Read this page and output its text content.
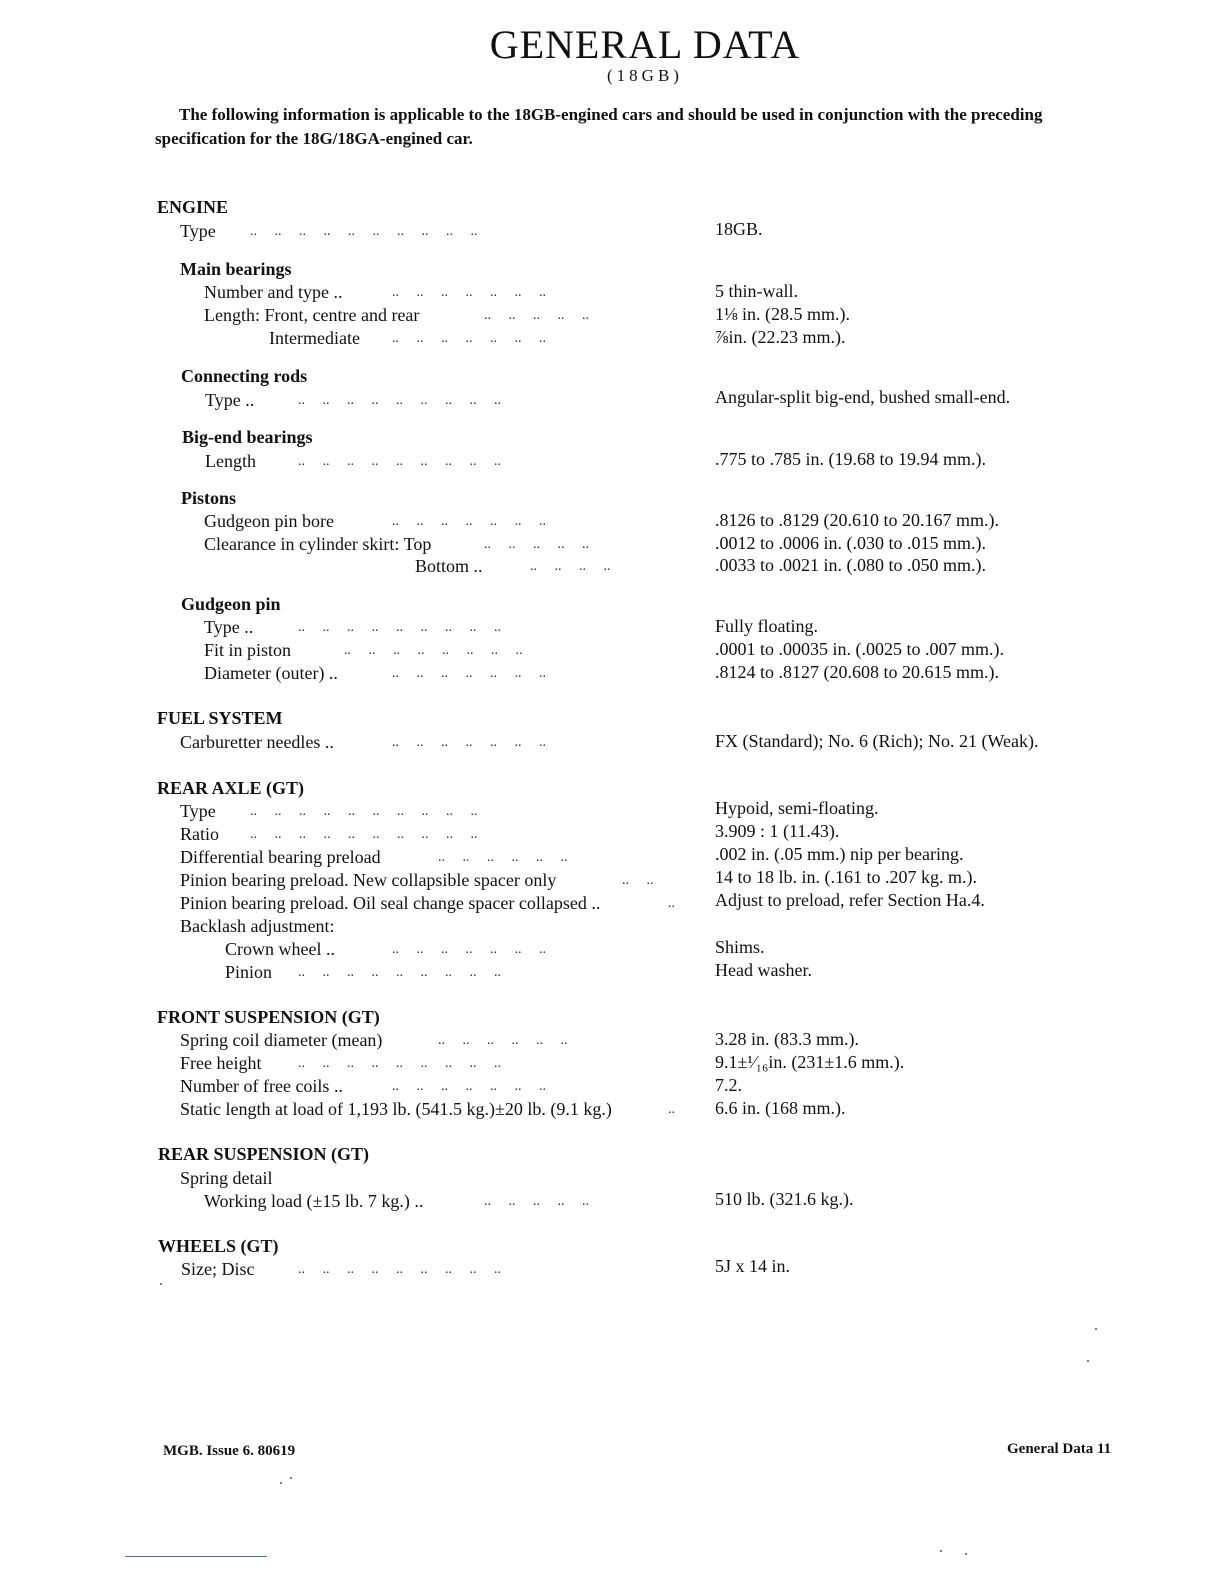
GENERAL DATA
(18GB)
The following information is applicable to the 18GB-engined cars and should be used in conjunction with the preceding
specification for the 18G/18GA-engined car.
ENGINE
Type ..     ..     ..     ..     ..     ..     ..     ..     ..     ..	18GB.
Main bearings
Number and type ..	..     ..     ..     ..     ..     ..     ..	5 thin-wall.
Length: Front, centre and rear	..     ..     ..     ..     ..	1⅛ in. (28.5 mm.).
Intermediate ..     ..     ..     ..     ..     ..     ..	⅞in. (22.23 mm.).
Connecting rods
Type ..	..     ..     ..     ..     ..     ..     ..     ..     ..	Angular-split big-end, bushed small-end.
Big-end bearings
Length	..     ..     ..     ..     ..     ..     ..     ..     ..	.775 to .785 in. (19.68 to 19.94 mm.).
Pistons
Gudgeon pin bore	..     ..     ..     ..     ..     ..     ..	.8126 to .8129 (20.610 to 20.167 mm.).
Clearance in cylinder skirt: Top	..     ..     ..     ..     ..	.0012 to .0006 in. (.030 to .015 mm.).
Bottom ..	..     ..     ..     ..	.0033 to .0021 in. (.080 to .050 mm.).
Gudgeon pin
Type ..	..     ..     ..     ..     ..     ..     ..     ..     ..	Fully floating.
Fit in piston	..     ..     ..     ..     ..     ..     ..     ..	.0001 to .00035 in. (.0025 to .007 mm.).
Diameter (outer) ..	..     ..     ..     ..     ..     ..     ..	.8124 to .8127 (20.608 to 20.615 mm.).
FUEL SYSTEM
Carburetter needles ..	..     ..     ..     ..     ..     ..     ..	FX (Standard); No. 6 (Rich); No. 21 (Weak).
REAR AXLE (GT)
Type ..     ..     ..     ..     ..     ..     ..     ..     ..     ..	Hypoid, semi-floating.
Ratio ..     ..     ..     ..     ..     ..     ..     ..     ..     ..	3.909 : 1 (11.43).
Differential bearing preload	..     ..     ..     ..     ..     ..	.002 in. (.05 mm.) nip per bearing.
Pinion bearing preload. New collapsible spacer only	..     ..	14 to 18 lb. in. (.161 to .207 kg. m.).
Pinion bearing preload. Oil seal change spacer collapsed ..	.. Adjust to preload, refer Section Ha.4.
Backlash adjustment:
Crown wheel ..	..     ..     ..     ..     ..     ..     ..	Shims.
Pinion ..     ..     ..     ..     ..     ..     ..     ..     ..	Head washer.
FRONT SUSPENSION (GT)
Spring coil diameter (mean)	..     ..     ..     ..     ..     ..	3.28 in. (83.3 mm.).
Free height	..     ..     ..     ..     ..     ..     ..     ..     ..	9.1±¹⁄₁₆in. (231±1.6 mm.).
Number of free coils ..	..     ..     ..     ..     ..     ..     ..	7.2.
Static length at load of 1,193 lb. (541.5 kg.)±20 lb. (9.1 kg.)	.. 6.6 in. (168 mm.).
REAR SUSPENSION (GT)
Spring detail
Working load (±15 lb. 7 kg.) ..	..     ..     ..     ..     ..	510 lb. (321.6 kg.).
WHEELS (GT)
Size; Disc	..     ..     ..     ..     ..     ..     ..     ..     ..	5J x 14 in.
MGB. Issue 6. 80619	General Data 11
